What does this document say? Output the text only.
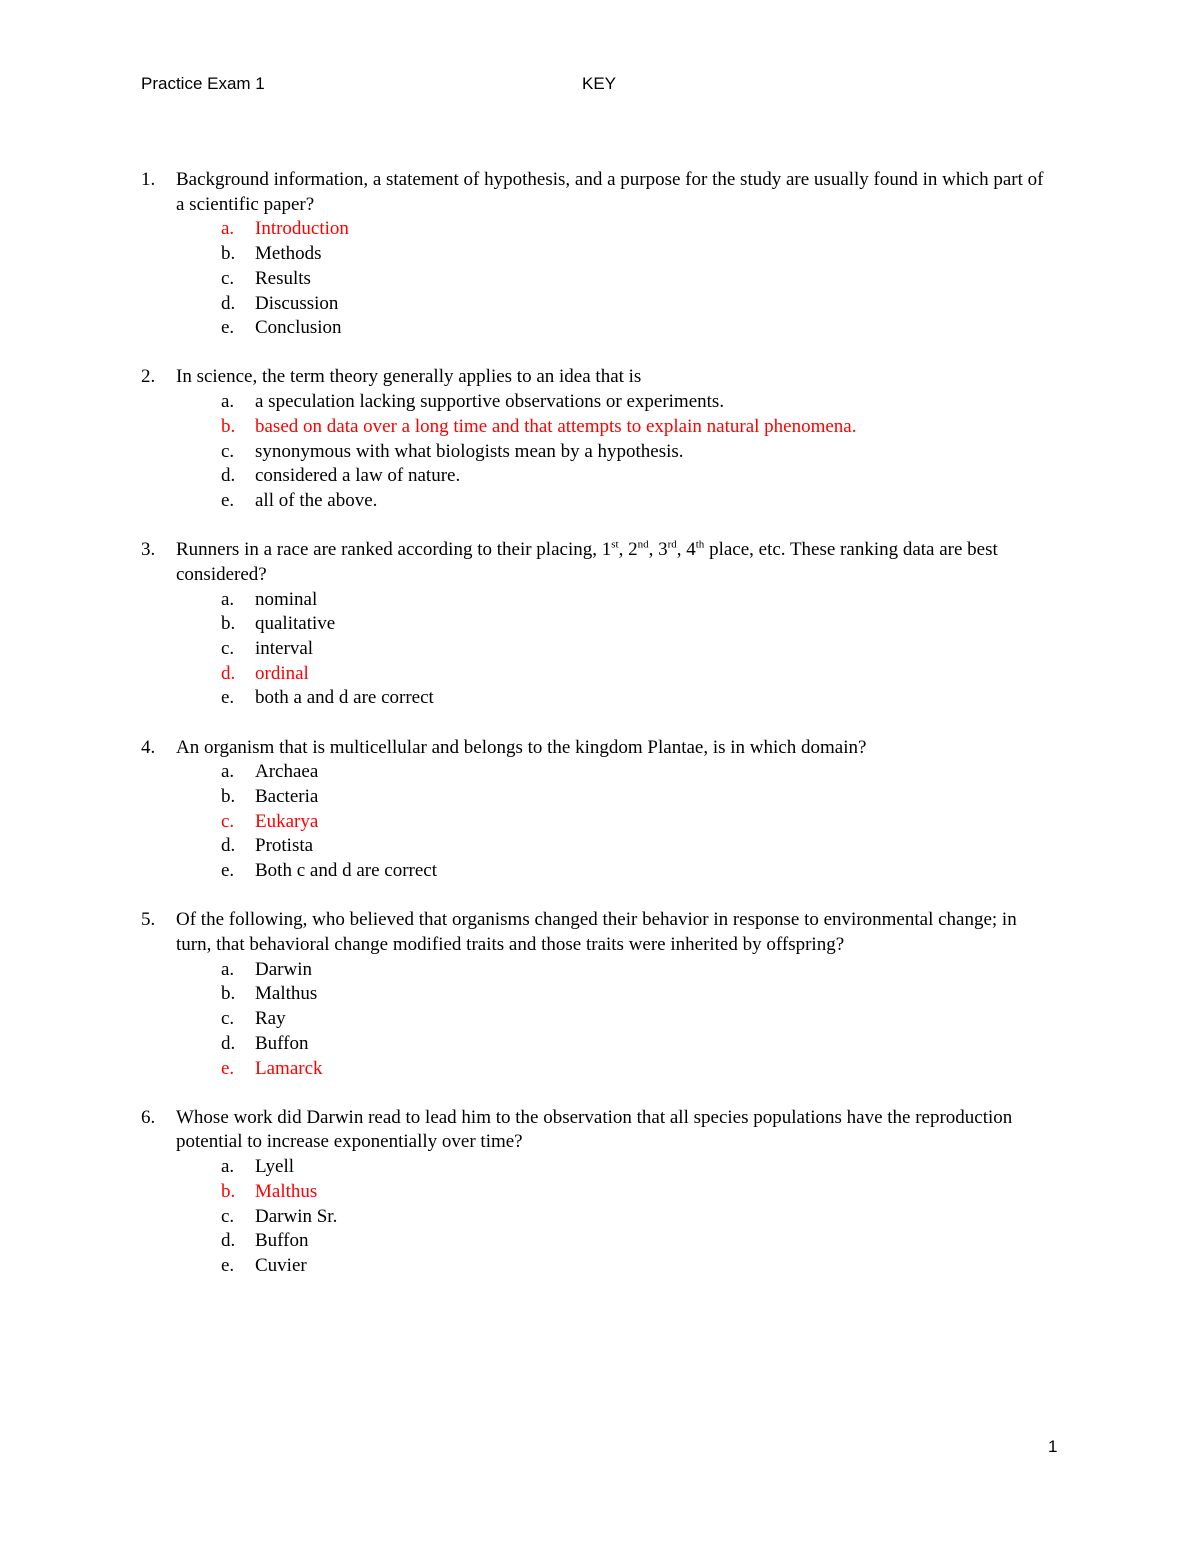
Practice Exam 1	KEY
1. Background information, a statement of hypothesis, and a purpose for the study are usually found in which part of a scientific paper?
a. Introduction
b. Methods
c. Results
d. Discussion
e. Conclusion
2. In science, the term theory generally applies to an idea that is
a. a speculation lacking supportive observations or experiments.
b. based on data over a long time and that attempts to explain natural phenomena.
c. synonymous with what biologists mean by a hypothesis.
d. considered a law of nature.
e. all of the above.
3. Runners in a race are ranked according to their placing, 1st, 2nd, 3rd, 4th place, etc. These ranking data are best considered?
a. nominal
b. qualitative
c. interval
d. ordinal
e. both a and d are correct
4. An organism that is multicellular and belongs to the kingdom Plantae, is in which domain?
a. Archaea
b. Bacteria
c. Eukarya
d. Protista
e. Both c and d are correct
5. Of the following, who believed that organisms changed their behavior in response to environmental change; in turn, that behavioral change modified traits and those traits were inherited by offspring?
a. Darwin
b. Malthus
c. Ray
d. Buffon
e. Lamarck
6. Whose work did Darwin read to lead him to the observation that all species populations have the reproduction potential to increase exponentially over time?
a. Lyell
b. Malthus
c. Darwin Sr.
d. Buffon
e. Cuvier
1
